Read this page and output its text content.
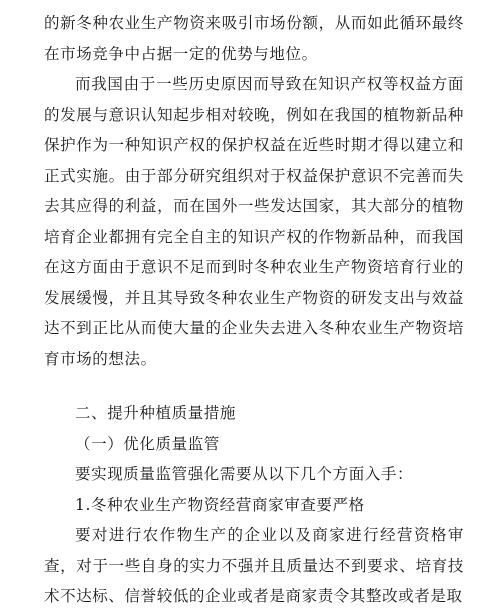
的新冬种农业生产物资来吸引市场份额，从而如此循环最终在市场竞争中占据一定的优势与地位。

而我国由于一些历史原因而导致在知识产权等权益方面的发展与意识认知起步相对较晚，例如在我国的植物新品种保护作为一种知识产权的保护权益在近些时期才得以建立和正式实施。由于部分研究组织对于权益保护意识不完善而失去其应得的利益，而在国外一些发达国家，其大部分的植物培育企业都拥有完全自主的知识产权的作物新品种，而我国在这方面由于意识不足而到时冬种农业生产物资培育行业的发展缓慢，并且其导致冬种农业生产物资的研发支出与效益达不到正比从而使大量的企业失去进入冬种农业生产物资培育市场的想法。

二、提升种植质量措施

（一）优化质量监管

要实现质量监管强化需要从以下几个方面入手：

1.冬种农业生产物资经营商家审查要严格

要对进行农作物生产的企业以及商家进行经营资格审查，对于一些自身的实力不强并且质量达不到要求、培育技术不达标、信誉较低的企业或者是商家责令其整改或者是取
